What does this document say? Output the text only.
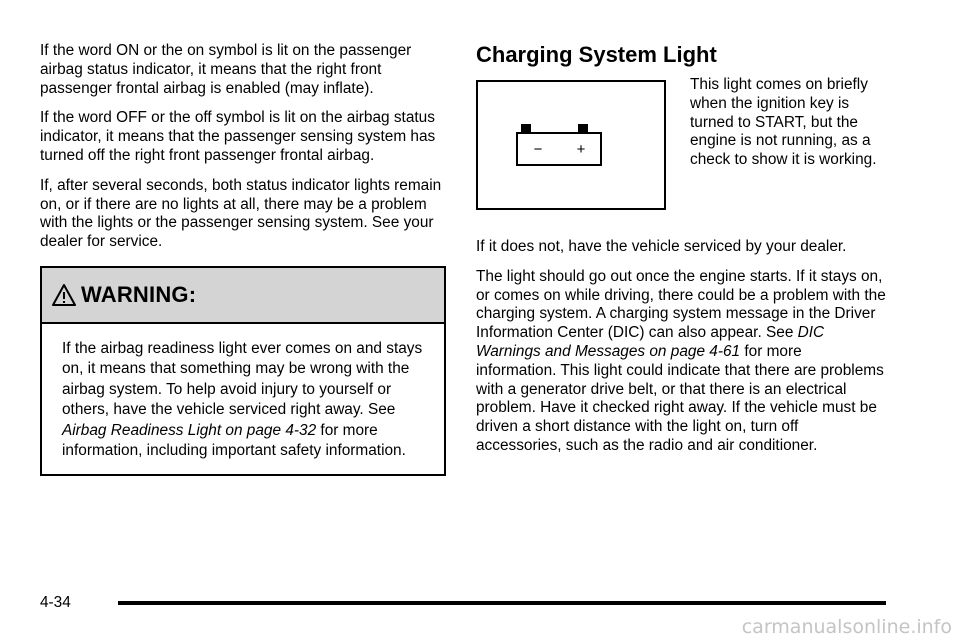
If the word ON or the on symbol is lit on the passenger airbag status indicator, it means that the right front passenger frontal airbag is enabled (may inflate).

If the word OFF or the off symbol is lit on the airbag status indicator, it means that the passenger sensing system has turned off the right front passenger frontal airbag.

If, after several seconds, both status indicator lights remain on, or if there are no lights at all, there may be a problem with the lights or the passenger sensing system. See your dealer for service.

WARNING:
If the airbag readiness light ever comes on and stays on, it means that something may be wrong with the airbag system. To help avoid injury to yourself or others, have the vehicle serviced right away. See Airbag Readiness Light on page 4-32 for more information, including important safety information.
Charging System Light
− +
This light comes on briefly when the ignition key is turned to START, but the engine is not running, as a check to show it is working.

If it does not, have the vehicle serviced by your dealer.

The light should go out once the engine starts. If it stays on, or comes on while driving, there could be a problem with the charging system. A charging system message in the Driver Information Center (DIC) can also appear. See DIC Warnings and Messages on page 4-61 for more information. This light could indicate that there are problems with a generator drive belt, or that there is an electrical problem. Have it checked right away. If the vehicle must be driven a short distance with the light on, turn off accessories, such as the radio and air conditioner.

4-34
carmanualsonline.info
